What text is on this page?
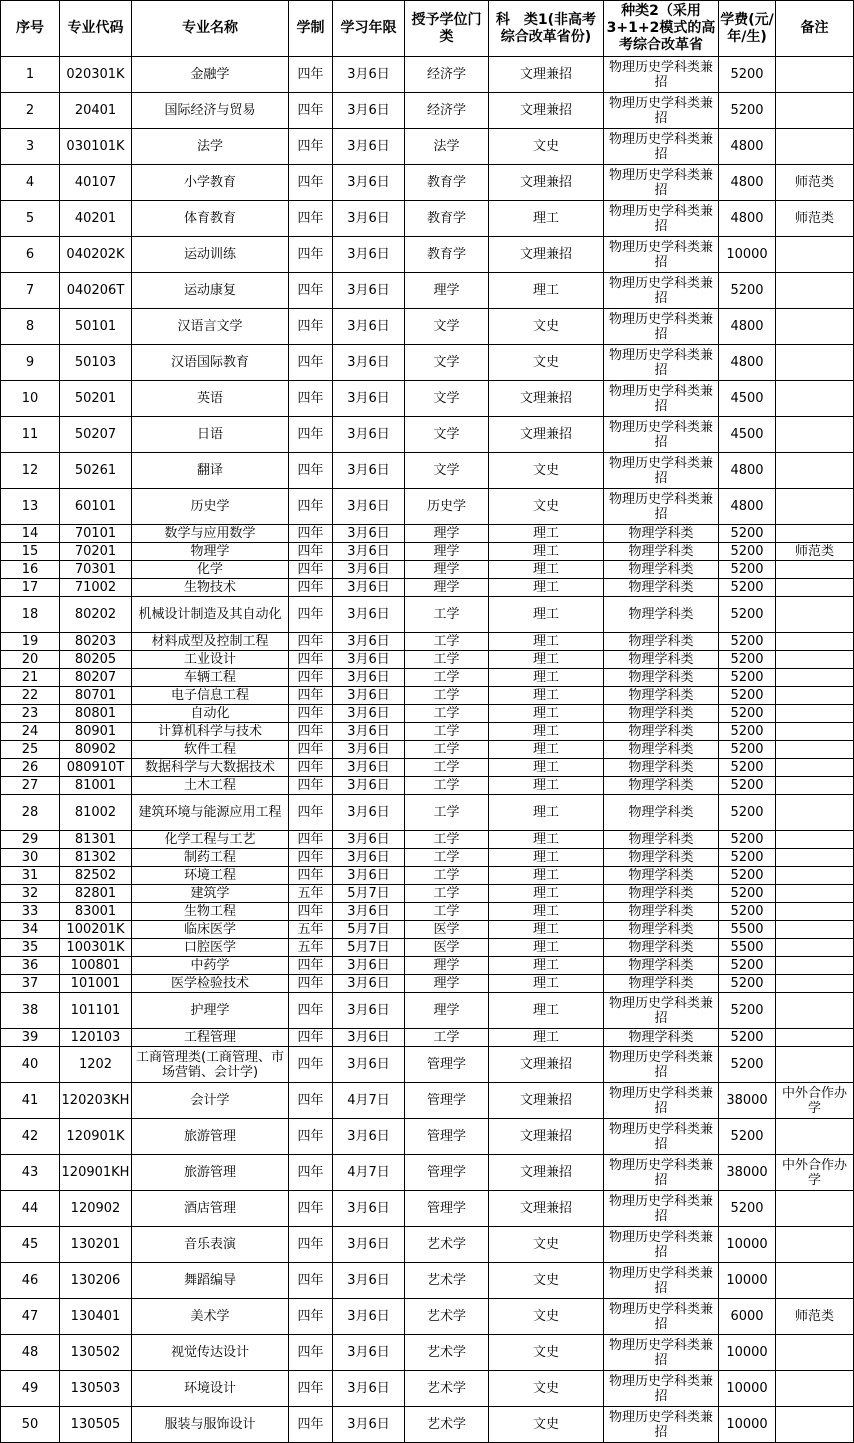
序号	专业代码	专业名称	学制	学习年限	授予学位门类	科　类1(非高考综合改革省份)	种类2（采用3+1+2模式的高考综合改革省	学费(元/年/生)	备注
1	020301K	金融学	四年	3月6日	经济学	文理兼招	物理历史学科类兼招	5200	
2	20401	国际经济与贸易	四年	3月6日	经济学	文理兼招	物理历史学科类兼招	5200	
3	030101K	法学	四年	3月6日	法学	文史	物理历史学科类兼招	4800	
4	40107	小学教育	四年	3月6日	教育学	文理兼招	物理历史学科类兼招	4800	师范类
5	40201	体育教育	四年	3月6日	教育学	理工	物理历史学科类兼招	4800	师范类
6	040202K	运动训练	四年	3月6日	教育学	文理兼招	物理历史学科类兼招	10000	
7	040206T	运动康复	四年	3月6日	理学	理工	物理历史学科类兼招	5200	
8	50101	汉语言文学	四年	3月6日	文学	文史	物理历史学科类兼招	4800	
9	50103	汉语国际教育	四年	3月6日	文学	文史	物理历史学科类兼招	4800	
10	50201	英语	四年	3月6日	文学	文理兼招	物理历史学科类兼招	4500	
11	50207	日语	四年	3月6日	文学	文理兼招	物理历史学科类兼招	4500	
12	50261	翻译	四年	3月6日	文学	文史	物理历史学科类兼招	4800	
13	60101	历史学	四年	3月6日	历史学	文史	物理历史学科类兼招	4800	
14	70101	数学与应用数学	四年	3月6日	理学	理工	物理学科类	5200	
15	70201	物理学	四年	3月6日	理学	理工	物理学科类	5200	师范类
16	70301	化学	四年	3月6日	理学	理工	物理学科类	5200	
17	71002	生物技术	四年	3月6日	理学	理工	物理学科类	5200	
18	80202	机械设计制造及其自动化	四年	3月6日	工学	理工	物理学科类	5200	
19	80203	材料成型及控制工程	四年	3月6日	工学	理工	物理学科类	5200	
20	80205	工业设计	四年	3月6日	工学	理工	物理学科类	5200	
21	80207	车辆工程	四年	3月6日	工学	理工	物理学科类	5200	
22	80701	电子信息工程	四年	3月6日	工学	理工	物理学科类	5200	
23	80801	自动化	四年	3月6日	工学	理工	物理学科类	5200	
24	80901	计算机科学与技术	四年	3月6日	工学	理工	物理学科类	5200	
25	80902	软件工程	四年	3月6日	工学	理工	物理学科类	5200	
26	080910T	数据科学与大数据技术	四年	3月6日	工学	理工	物理学科类	5200	
27	81001	土木工程	四年	3月6日	工学	理工	物理学科类	5200	
28	81002	建筑环境与能源应用工程	四年	3月6日	工学	理工	物理学科类	5200	
29	81301	化学工程与工艺	四年	3月6日	工学	理工	物理学科类	5200	
30	81302	制药工程	四年	3月6日	工学	理工	物理学科类	5200	
31	82502	环境工程	四年	3月6日	工学	理工	物理学科类	5200	
32	82801	建筑学	五年	5月7日	工学	理工	物理学科类	5200	
33	83001	生物工程	四年	3月6日	工学	理工	物理学科类	5200	
34	100201K	临床医学	五年	5月7日	医学	理工	物理学科类	5500	
35	100301K	口腔医学	五年	5月7日	医学	理工	物理学科类	5500	
36	100801	中药学	四年	3月6日	理学	理工	物理学科类	5200	
37	101001	医学检验技术	四年	3月6日	理学	理工	物理学科类	5200	
38	101101	护理学	四年	3月6日	理学	理工	物理历史学科类兼招	5200	
39	120103	工程管理	四年	3月6日	工学	理工	物理学科类	5200	
40	1202	工商管理类(工商管理、市场营销、会计学)	四年	3月6日	管理学	文理兼招	物理历史学科类兼招	5200	
41	120203KH	会计学	四年	4月7日	管理学	文理兼招	物理历史学科类兼招	38000	中外合作办学
42	120901K	旅游管理	四年	3月6日	管理学	文理兼招	物理历史学科类兼招	5200	
43	120901KH	旅游管理	四年	4月7日	管理学	文理兼招	物理历史学科类兼招	38000	中外合作办学
44	120902	酒店管理	四年	3月6日	管理学	文理兼招	物理历史学科类兼招	5200	
45	130201	音乐表演	四年	3月6日	艺术学	文史	物理历史学科类兼招	10000	
46	130206	舞蹈编导	四年	3月6日	艺术学	文史	物理历史学科类兼招	10000	
47	130401	美术学	四年	3月6日	艺术学	文史	物理历史学科类兼招	6000	师范类
48	130502	视觉传达设计	四年	3月6日	艺术学	文史	物理历史学科类兼招	10000	
49	130503	环境设计	四年	3月6日	艺术学	文史	物理历史学科类兼招	10000	
50	130505	服装与服饰设计	四年	3月6日	艺术学	文史	物理历史学科类兼招	10000	
